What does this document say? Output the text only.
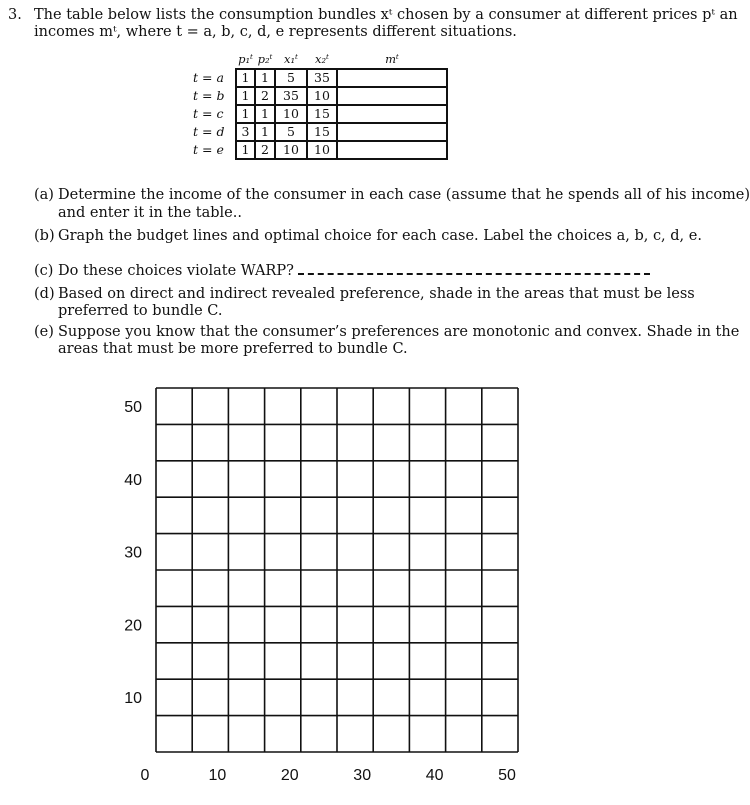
3. The table below lists the consumption bundles xᵗ chosen by a consumer at different prices pᵗ an
incomes mᵗ, where t = a, b, c, d, e represents different situations.
	p₁ᵗ	p₂ᵗ	x₁ᵗ	x₂ᵗ	mᵗ
t = a	1	1	5	35	
t = b	1	2	35	10	
t = c	1	1	10	15	
t = d	3	1	5	15	
t = e	1	2	10	10	
(a) Determine the income of the consumer in each case (assume that he spends all of his income)
and enter it in the table..
(b) Graph the budget lines and optimal choice for each case. Label the choices a, b, c, d, e.
(c) Do these choices violate WARP?
(d) Based on direct and indirect revealed preference, shade in the areas that must be less
preferred to bundle C.
(e) Suppose you know that the consumer’s preferences are monotonic and convex. Shade in the
areas that must be more preferred to bundle C.
50
40
30
20
10
0	10	20	30	40	50
